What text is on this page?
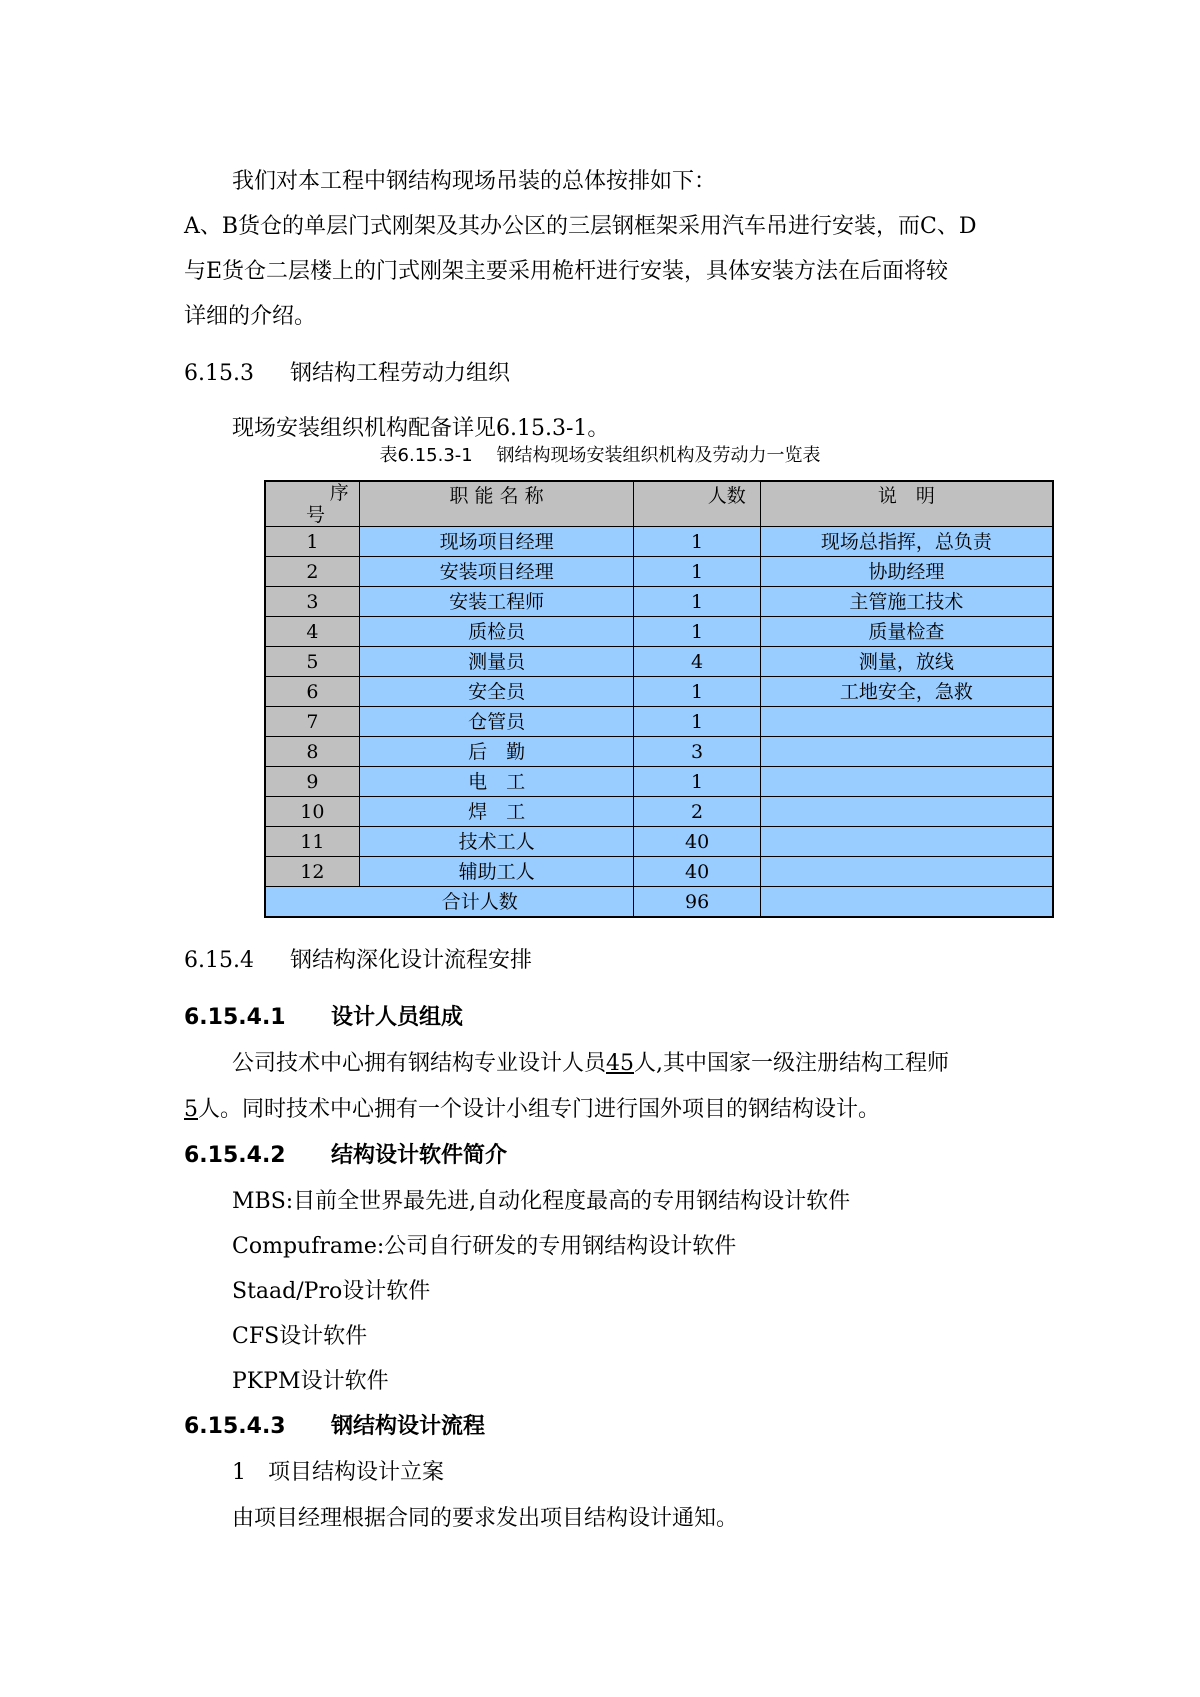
我们对本工程中钢结构现场吊装的总体按排如下：
A、B货仓的单层门式刚架及其办公区的三层钢框架采用汽车吊进行安装，而C、D
与E货仓二层楼上的门式刚架主要采用桅杆进行安装，具体安装方法在后面将较
详细的介绍。
6.15.3 钢结构工程劳动力组织
现场安装组织机构配备详见6.15.3-1。
表6.15.3-1　 钢结构现场安装组织机构及劳动力一览表
序
号	职 能 名 称	人数	说　明
1	现场项目经理	1	现场总指挥，总负责
2	安装项目经理	1	协助经理
3	安装工程师	1	主管施工技术
4	质检员	1	质量检查
5	测量员	4	测量，放线
6	安全员	1	工地安全，急救
7	仓管员	1	
8	后　勤	3	
9	电　工	1	
10	焊　工	2	
11	技术工人	40	
12	辅助工人	40	
合计人数		96	
6.15.4 钢结构深化设计流程安排
6.15.4.1 设计人员组成
公司技术中心拥有钢结构专业设计人员45人,其中国家一级注册结构工程师
5人。同时技术中心拥有一个设计小组专门进行国外项目的钢结构设计。
6.15.4.2 结构设计软件简介
MBS:目前全世界最先进,自动化程度最高的专用钢结构设计软件
Compuframe:公司自行研发的专用钢结构设计软件
Staad/Pro设计软件
CFS设计软件
PKPM设计软件
6.15.4.3 钢结构设计流程
1 项目结构设计立案
由项目经理根据合同的要求发出项目结构设计通知。
